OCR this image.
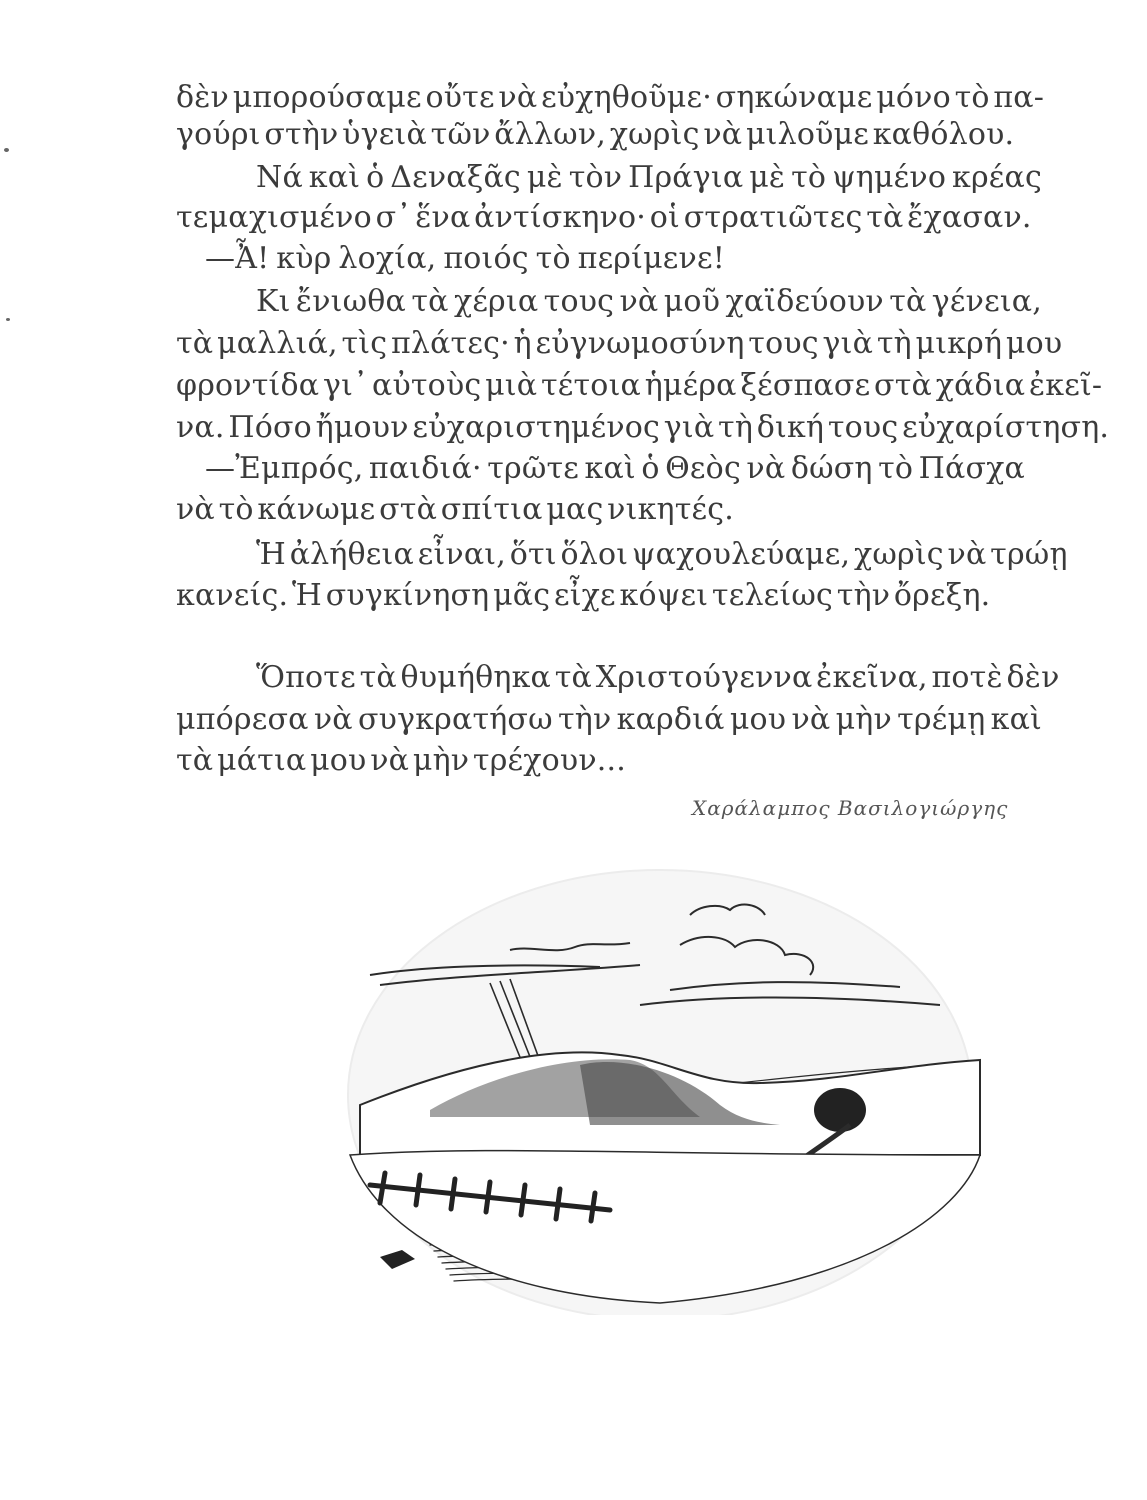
δὲν μπορούσαμε οὔτε νὰ εὐχηθοῦμε· σηκώναμε μόνο τὸ πα-
γούρι στὴν ὑγειὰ τῶν ἄλλων, χωρὶς νὰ μιλοῦμε καθόλου.
Νά καὶ ὁ Δεναξᾶς μὲ τὸν Πράγια μὲ τὸ ψημένο κρέας
τεμαχισμένο σ᾽ ἕνα ἀντίσκηνο· οἱ στρατιῶτες τὰ ἔχασαν.
—Ἆ! κὺρ λοχία, ποιός τὸ περίμενε!
Κι ἔνιωθα τὰ χέρια τους νὰ μοῦ χαϊδεύουν τὰ γένεια,
τὰ μαλλιά, τὶς πλάτες· ἡ εὐγνωμοσύνη τους γιὰ τὴ μικρή μου
φροντίδα γι᾽ αὐτοὺς μιὰ τέτοια ἡμέρα ξέσπασε στὰ χάδια ἐκεῖ-
να. Πόσο ἤμουν εὐχαριστημένος γιὰ τὴ δική τους εὐχαρίστηση.
—Ἐμπρός, παιδιά· τρῶτε καὶ ὁ Θεὸς νὰ δώση τὸ Πάσχα
νὰ τὸ κάνωμε στὰ σπίτια μας νικητές.
Ἡ ἀλήθεια εἶναι, ὅτι ὅλοι ψαχουλεύαμε, χωρὶς νὰ τρώῃ
κανείς. Ἡ συγκίνηση μᾶς εἶχε κόψει τελείως τὴν ὄρεξη.
Ὅποτε τὰ θυμήθηκα τὰ Χριστούγεννα ἐκεῖνα, ποτὲ δὲν
μπόρεσα νὰ συγκρατήσω τὴν καρδιά μου νὰ μὴν τρέμῃ καὶ
τὰ μάτια μου νὰ μὴν τρέχουν...
Χαράλαμπος Βασιλογιώργης
